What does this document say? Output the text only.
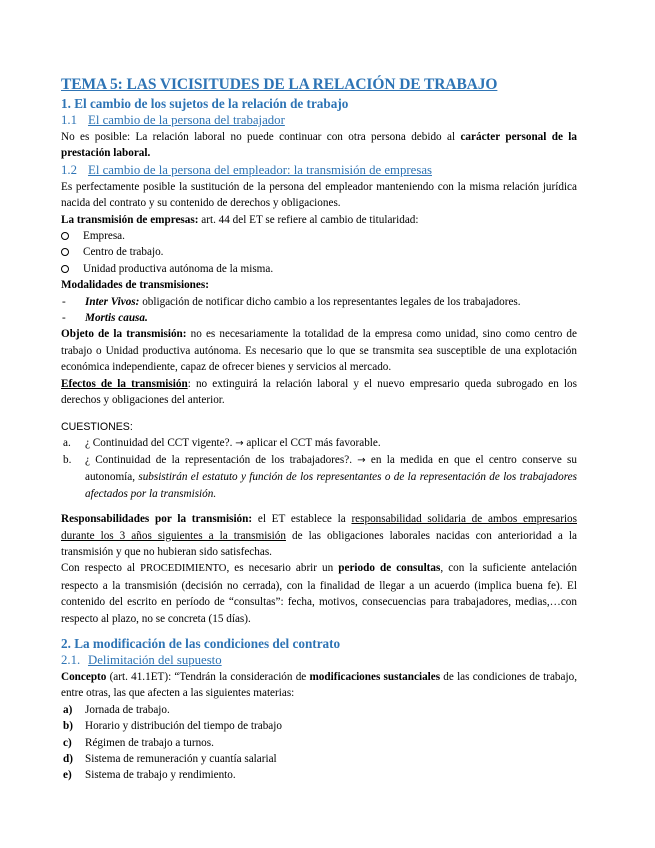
TEMA 5: LAS VICISITUDES DE LA RELACIÓN DE TRABAJO
1. El cambio de los sujetos de la relación de trabajo
1.1 El cambio de la persona del trabajador

No es posible: La relación laboral no puede continuar con otra persona debido al carácter personal de la prestación laboral.

1.2 El cambio de la persona del empleador: la transmisión de empresas

Es perfectamente posible la sustitución de la persona del empleador manteniendo con la misma relación jurídica nacida del contrato y su contenido de derechos y obligaciones.

La transmisión de empresas: art. 44 del ET se refiere al cambio de titularidad:

Empresa.
Centro de trabajo.
Unidad productiva autónoma de la misma.

Modalidades de transmisiones:

- Inter Vivos: obligación de notificar dicho cambio a los representantes legales de los trabajadores.
- Mortis causa.

Objeto de la transmisión: no es necesariamente la totalidad de la empresa como unidad, sino como centro de trabajo o Unidad productiva autónoma. Es necesario que lo que se transmita sea susceptible de una explotación económica independiente, capaz de ofrecer bienes y servicios al mercado.

Efectos de la transmisión: no extinguirá la relación laboral y el nuevo empresario queda subrogado en los derechos y obligaciones del anterior.

CUESTIONES:

a. ¿ Continuidad del CCT vigente?. → aplicar el CCT más favorable.
b. ¿ Continuidad de la representación de los trabajadores?. → en la medida en que el centro conserve su autonomía, subsistirán el estatuto y función de los representantes o de la representación de los trabajadores afectados por la transmisión.

Responsabilidades por la transmisión: el ET establece la responsabilidad solidaria de ambos empresarios durante los 3 años siguientes a la transmisión de las obligaciones laborales nacidas con anterioridad a la transmisión y que no hubieran sido satisfechas.

Con respecto al PROCEDIMIENTO, es necesario abrir un periodo de consultas, con la suficiente antelación respecto a la transmisión (decisión no cerrada), con la finalidad de llegar a un acuerdo (implica buena fe). El contenido del escrito en período de “consultas”: fecha, motivos, consecuencias para trabajadores, medias,…con respecto al plazo, no se concreta (15 días).

2. La modificación de las condiciones del contrato
2.1. Delimitación del supuesto

Concepto (art. 41.1ET): “Tendrán la consideración de modificaciones sustanciales de las condiciones de trabajo, entre otras, las que afecten a las siguientes materias:

a) Jornada de trabajo.
b) Horario y distribución del tiempo de trabajo
c) Régimen de trabajo a turnos.
d) Sistema de remuneración y cuantía salarial
e) Sistema de trabajo y rendimiento.
